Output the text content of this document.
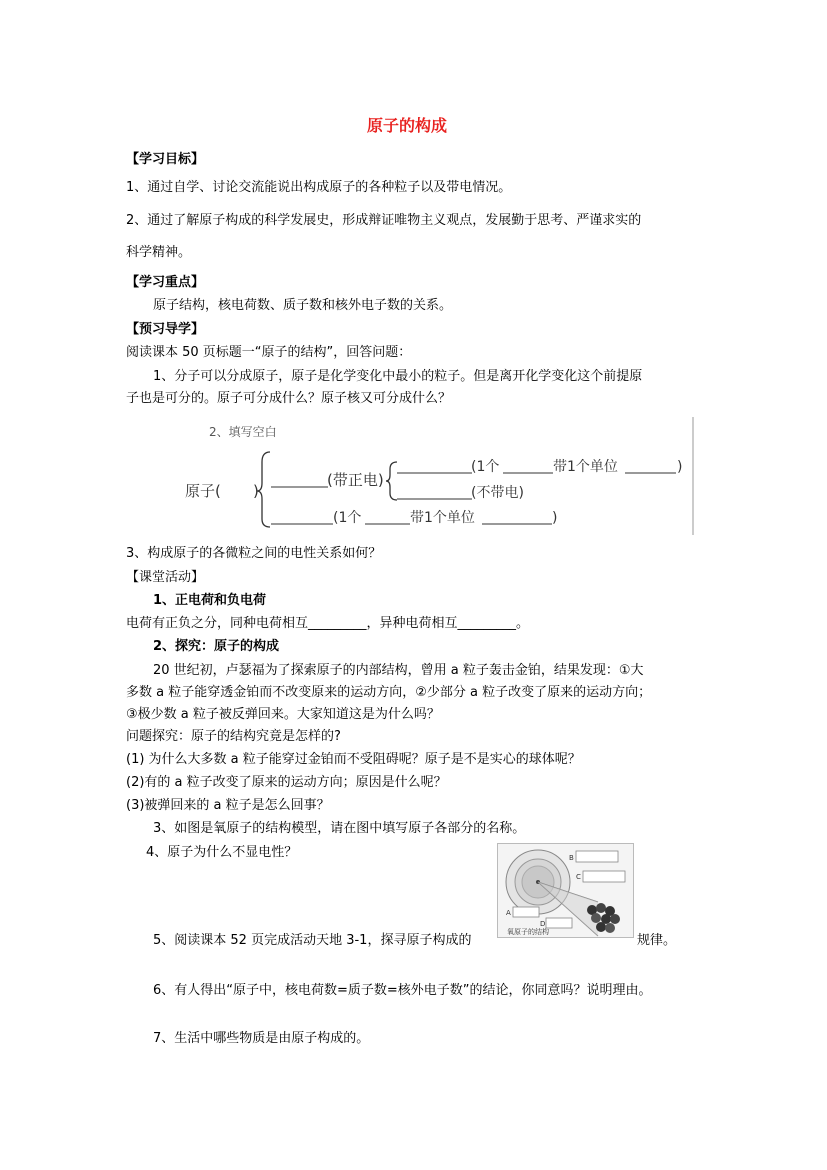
原子的构成
【学习目标】
1、通过自学、讨论交流能说出构成原子的各种粒子以及带电情况。
2、通过了解原子构成的科学发展史，形成辩证唯物主义观点，发展勤于思考、严谨求实的
科学精神。
【学习重点】
原子结构，核电荷数、质子数和核外电子数的关系。
【预习导学】
阅读课本 50 页标题一“原子的结构”，回答问题：
1、分子可以分成原子，原子是化学变化中最小的粒子。但是离开化学变化这个前提原
子也是可分的。原子可分成什么？原子核又可分成什么？
2、填写空白
原子( )
(带正电)
(1个	带1个单位	)
(不带电)
(1个	带1个单位	)
3、构成原子的各微粒之间的电性关系如何？
【课堂活动】
1、正电荷和负电荷
电荷有正负之分，同种电荷相互_________，异种电荷相互_________。
2、探究：原子的构成
20 世纪初，卢瑟福为了探索原子的内部结构，曾用 a 粒子轰击金铂，结果发现：①大
多数 a 粒子能穿透金铂而不改变原来的运动方向，②少部分 a 粒子改变了原来的运动方向；
③极少数 a 粒子被反弹回来。大家知道这是为什么吗？
问题探究：原子的结构究竟是怎样的?
(1) 为什么大多数 a 粒子能穿过金铂而不受阻碍呢？原子是不是实心的球体呢？
(2)有的 a 粒子改变了原来的运动方向；原因是什么呢？
(3)被弹回来的 a 粒子是怎么回事？
3、如图是氧原子的结构模型，请在图中填写原子各部分的名称。
4、原子为什么不显电性？	B
C
A
D
氧原子的结构
5、阅读课本 52 页完成活动天地 3-1，探寻原子构成的	规律。
6、有人得出“原子中，核电荷数=质子数=核外电子数”的结论，你同意吗？说明理由。
7、生活中哪些物质是由原子构成的。
